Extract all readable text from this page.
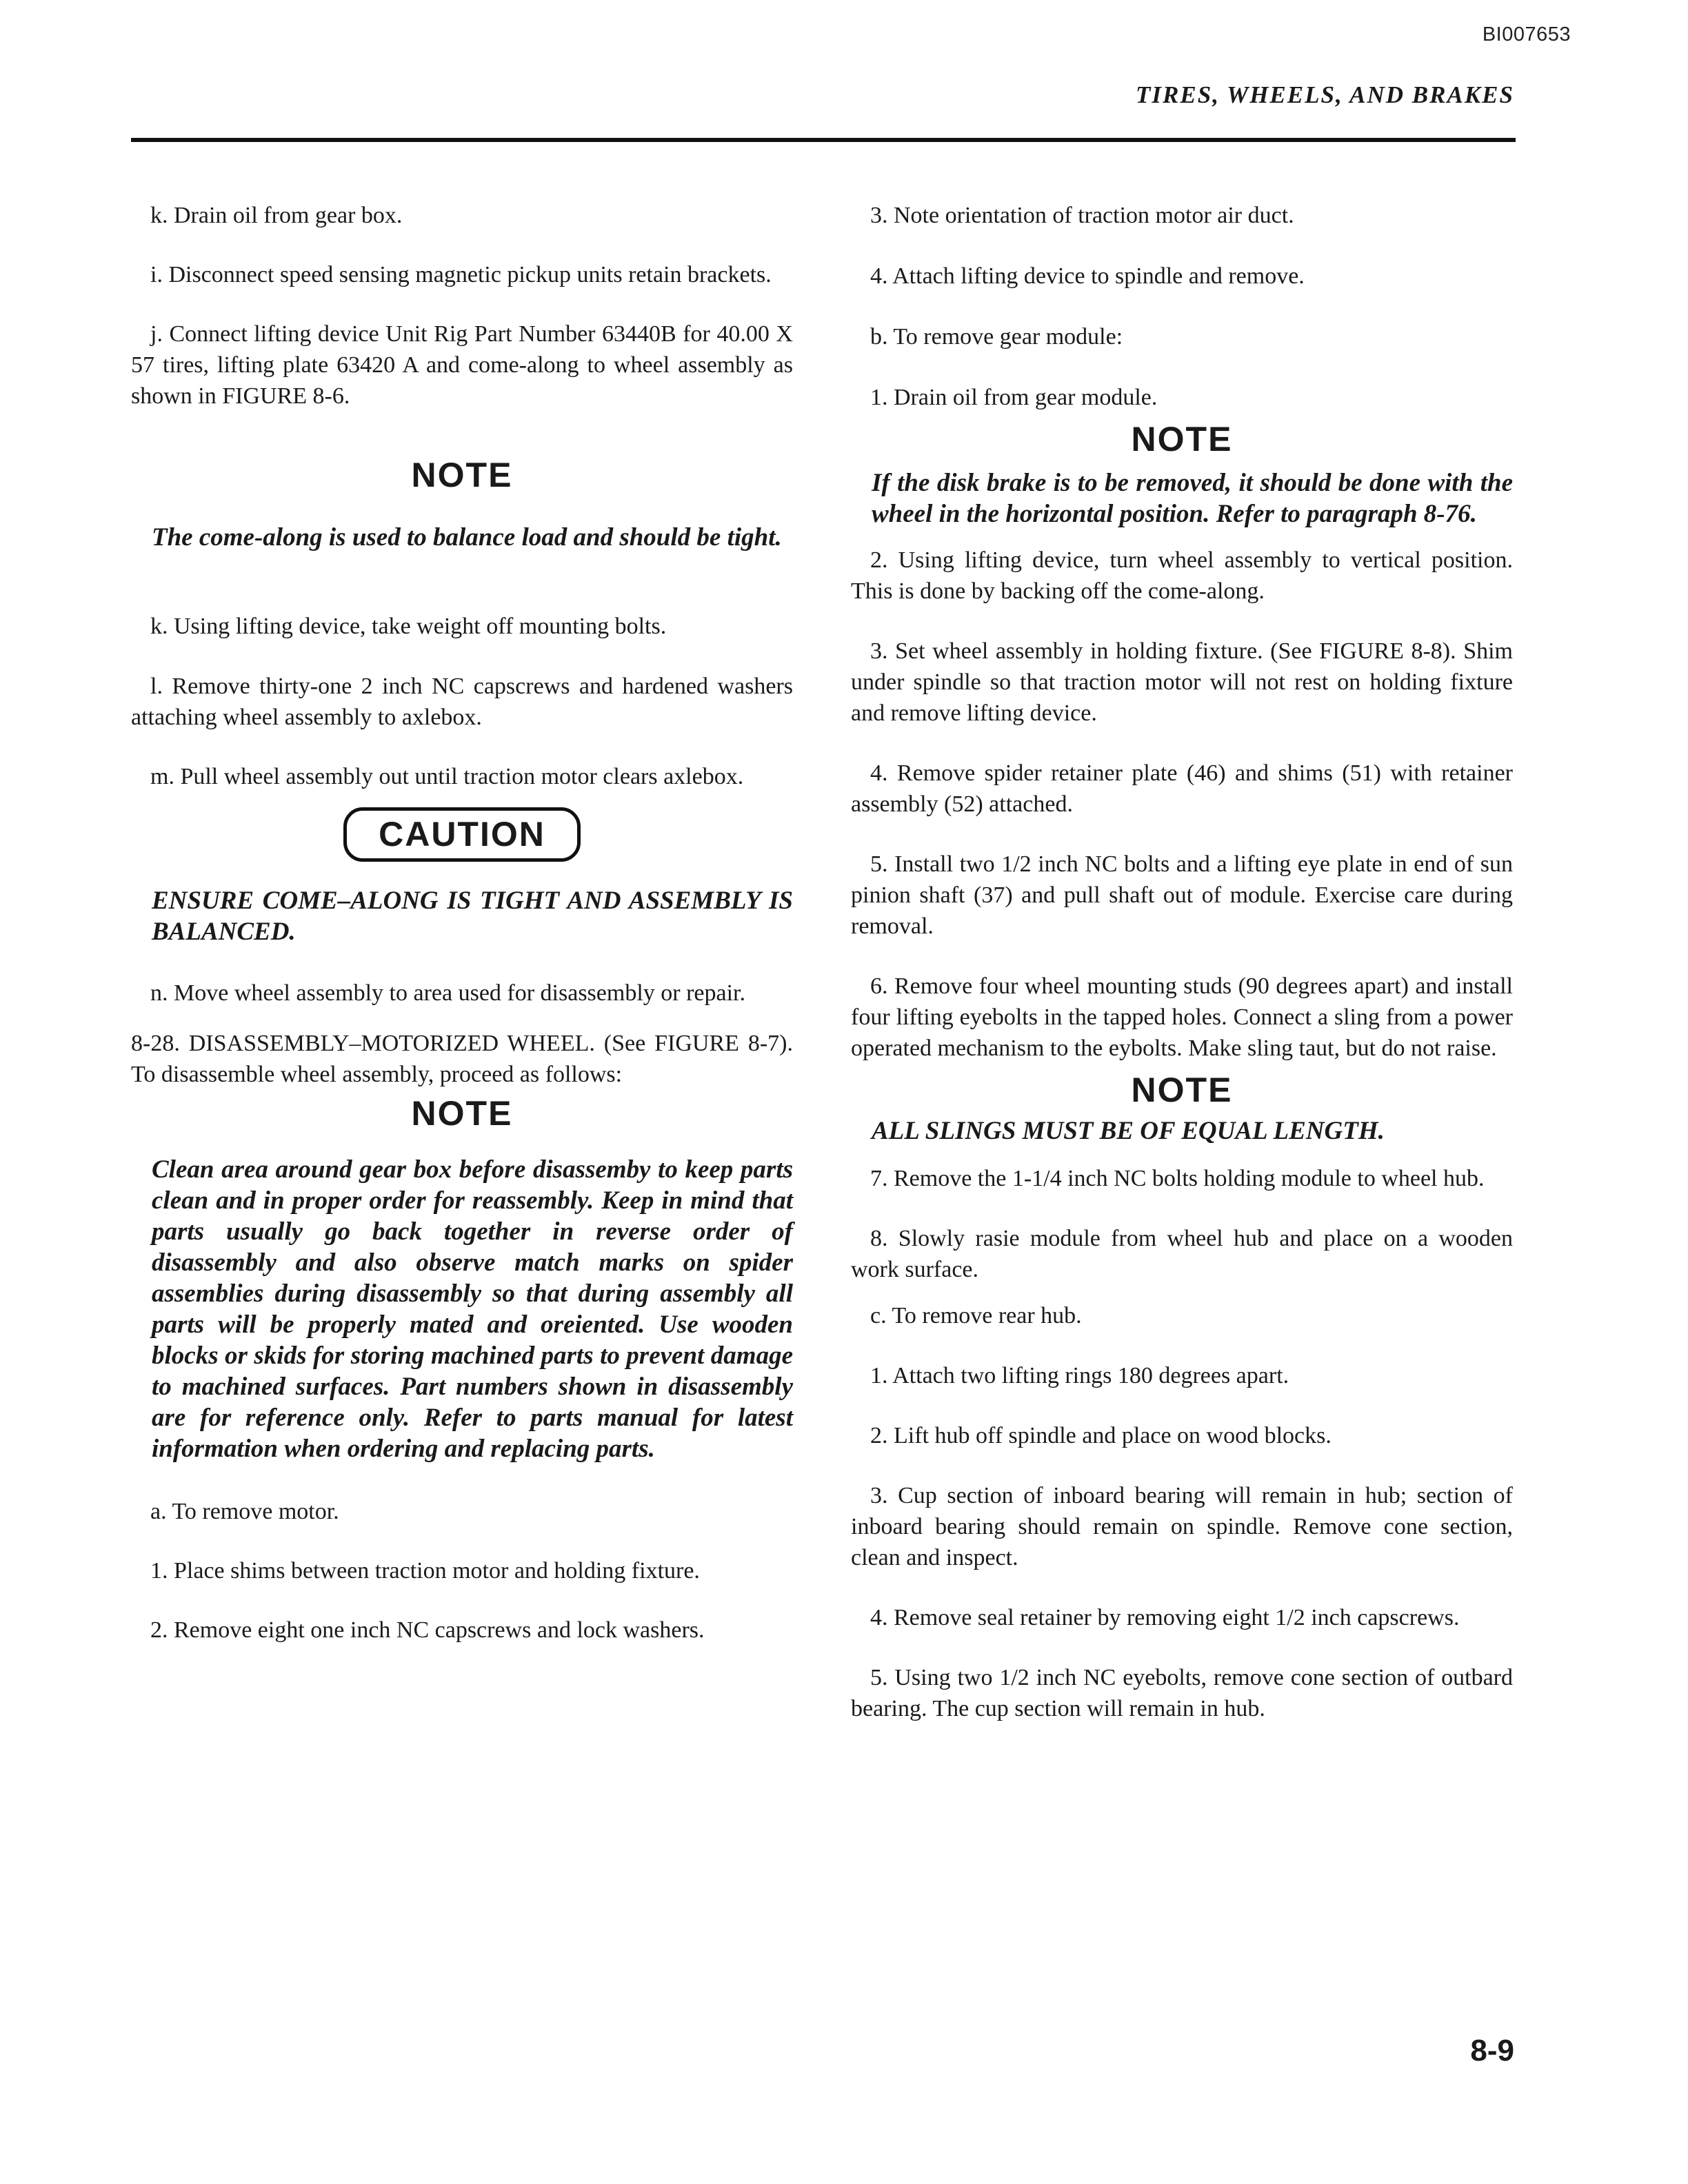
BI007653
TIRES, WHEELS, AND BRAKES

k. Drain oil from gear box.

i. Disconnect speed sensing magnetic pickup units retain brackets.

j. Connect lifting device Unit Rig Part Number 63440B for 40.00 X 57 tires, lifting plate 63420 A and come-along to wheel assembly as shown in FIGURE 8-6.

NOTE

The come-along is used to balance load and should be tight.

k. Using lifting device, take weight off mounting bolts.

l. Remove thirty-one 2 inch NC capscrews and hardened washers attaching wheel assembly to axlebox.

m. Pull wheel assembly out until traction motor clears axlebox.

CAUTION

ENSURE COME–ALONG IS TIGHT AND ASSEMBLY IS BALANCED.

n. Move wheel assembly to area used for disassembly or repair.

8-28. DISASSEMBLY–MOTORIZED WHEEL. (See FIGURE 8-7). To disassemble wheel assembly, proceed as follows:

NOTE

Clean area around gear box before disassemby to keep parts clean and in proper order for reassembly. Keep in mind that parts usually go back together in reverse order of disassembly and also observe match marks on spider assemblies during disassembly so that during assembly all parts will be properly mated and oreiented. Use wooden blocks or skids for storing machined parts to prevent damage to machined surfaces. Part numbers shown in disassembly are for reference only. Refer to parts manual for latest information when ordering and replacing parts.

a. To remove motor.

1. Place shims between traction motor and holding fixture.

2. Remove eight one inch NC capscrews and lock washers.

3. Note orientation of traction motor air duct.

4. Attach lifting device to spindle and remove.

b. To remove gear module:

1. Drain oil from gear module.

NOTE

If the disk brake is to be removed, it should be done with the wheel in the horizontal position. Refer to paragraph 8-76.

2. Using lifting device, turn wheel assembly to vertical position. This is done by backing off the come-along.

3. Set wheel assembly in holding fixture. (See FIGURE 8-8). Shim under spindle so that traction motor will not rest on holding fixture and remove lifting device.

4. Remove spider retainer plate (46) and shims (51) with retainer assembly (52) attached.

5. Install two 1/2 inch NC bolts and a lifting eye plate in end of sun pinion shaft (37) and pull shaft out of module. Exercise care during removal.

6. Remove four wheel mounting studs (90 degrees apart) and install four lifting eyebolts in the tapped holes. Connect a sling from a power operated mechanism to the eybolts. Make sling taut, but do not raise.

NOTE

ALL SLINGS MUST BE OF EQUAL LENGTH.

7. Remove the 1-1/4 inch NC bolts holding module to wheel hub.

8. Slowly rasie module from wheel hub and place on a wooden work surface.

c. To remove rear hub.

1. Attach two lifting rings 180 degrees apart.

2. Lift hub off spindle and place on wood blocks.

3. Cup section of inboard bearing will remain in hub; section of inboard bearing should remain on spindle. Remove cone section, clean and inspect.

4. Remove seal retainer by removing eight 1/2 inch capscrews.

5. Using two 1/2 inch NC eyebolts, remove cone section of outbard bearing. The cup section will remain in hub.

8-9
